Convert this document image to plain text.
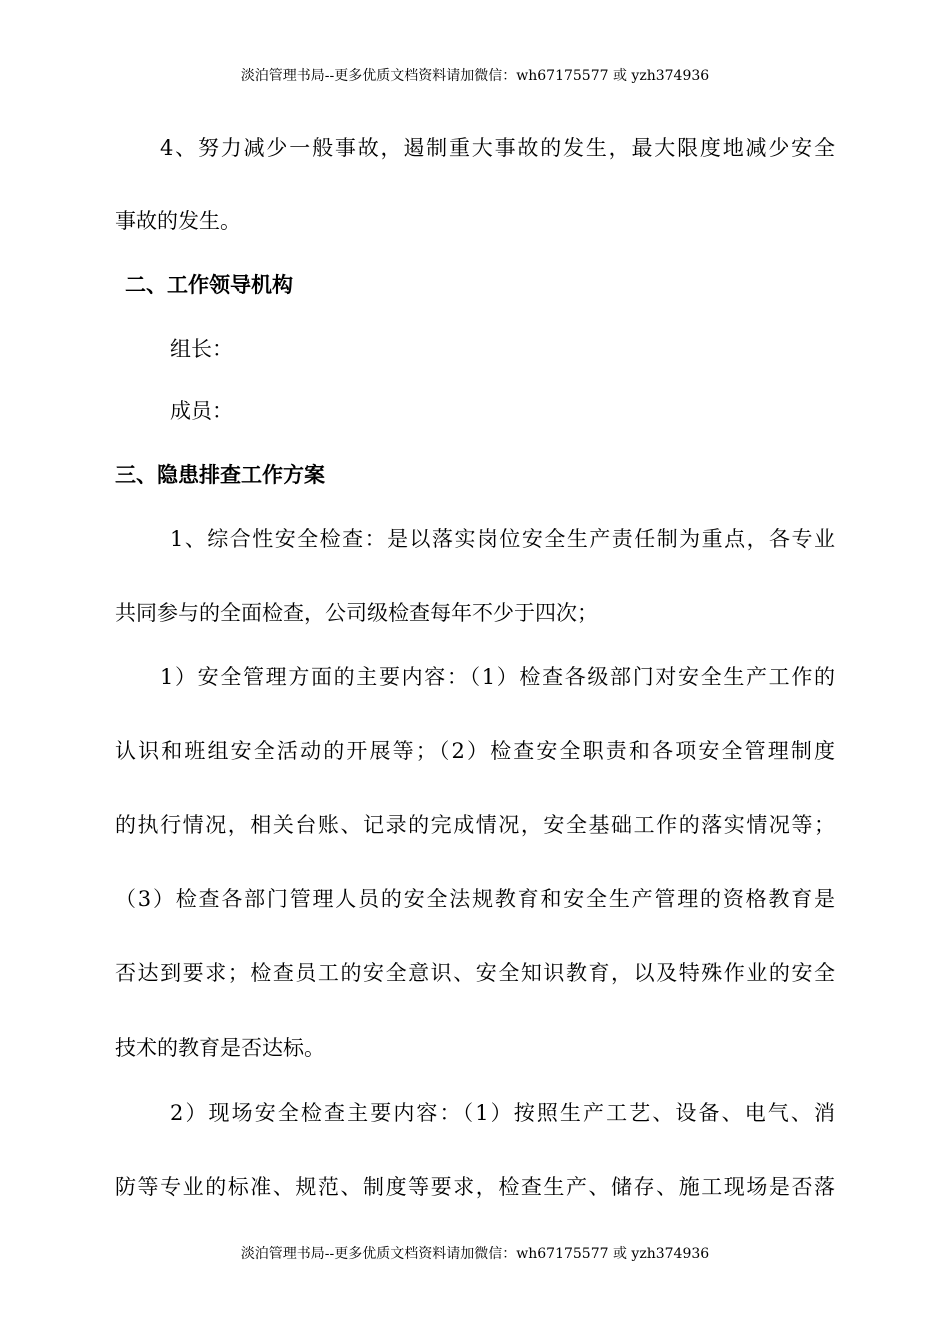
淡泊管理书局--更多优质文档资料请加微信：wh67175577 或 yzh374936
4、努力减少一般事故，遏制重大事故的发生，最大限度地减少安全
事故的发生。
二、工作领导机构
组长：
成员：
三、隐患排查工作方案
1、综合性安全检查：是以落实岗位安全生产责任制为重点，各专业
共同参与的全面检查，公司级检查每年不少于四次；
1）安全管理方面的主要内容：（1）检查各级部门对安全生产工作的
认识和班组安全活动的开展等；（2）检查安全职责和各项安全管理制度
的执行情况，相关台账、记录的完成情况，安全基础工作的落实情况等；
（3）检查各部门管理人员的安全法规教育和安全生产管理的资格教育是
否达到要求；检查员工的安全意识、安全知识教育，以及特殊作业的安全
技术的教育是否达标。
2）现场安全检查主要内容：（1）按照生产工艺、设备、电气、消
防等专业的标准、规范、制度等要求，检查生产、储存、施工现场是否落
淡泊管理书局--更多优质文档资料请加微信：wh67175577 或 yzh374936
